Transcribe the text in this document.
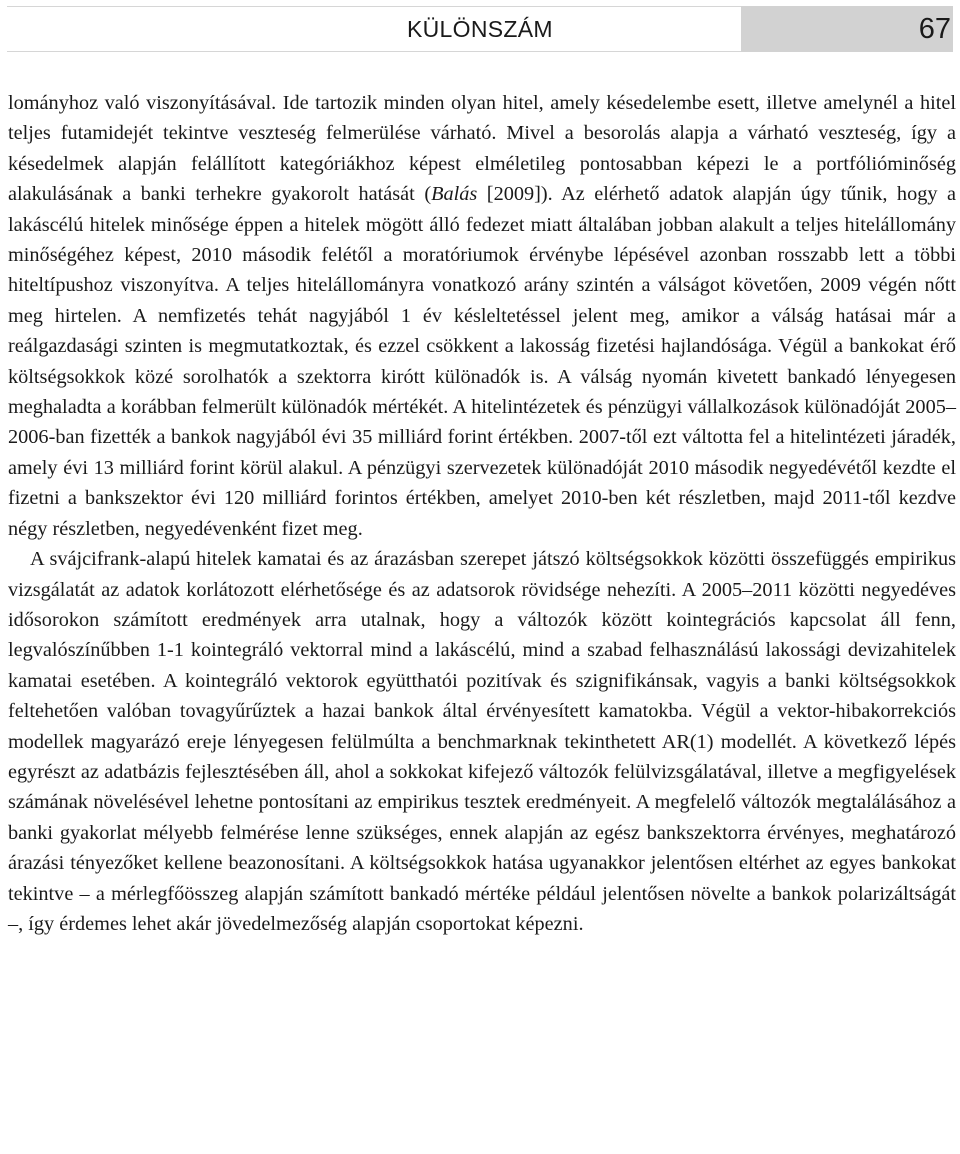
KÜLÖNSZÁM	67

lományhoz való viszonyításával. Ide tartozik minden olyan hitel, amely késedelembe esett, illetve amelynél a hitel teljes futamidejét tekintve veszteség felmerülése várható. Mivel a besorolás alapja a várható veszteség, így a késedelmek alapján felállított kategóriákhoz képest elméletileg pontosabban képezi le a portfólióminőség alakulásának a banki terhekre gyakorolt hatását (Balás [2009]). Az elérhető adatok alapján úgy tűnik, hogy a lakáscélú hitelek minősége éppen a hitelek mögött álló fedezet miatt általában jobban alakult a teljes hitelállomány minőségéhez képest, 2010 második felétől a moratóriumok érvénybe lépésével azonban rosszabb lett a többi hiteltípushoz viszonyítva. A teljes hitelállományra vonatkozó arány szintén a válságot követően, 2009 végén nőtt meg hirtelen. A nemfizetés tehát nagyjából 1 év késleltetéssel jelent meg, amikor a válság hatásai már a reálgazdasági szinten is megmutatkoztak, és ezzel csökkent a lakosság fizetési hajlandósága. Végül a bankokat érő költségsokkok közé sorolhatók a szektorra kirótt különadók is. A válság nyomán kivetett bankadó lényegesen meghaladta a korábban felmerült különadók mértékét. A hitelintézetek és pénzügyi vállalkozások különadóját 2005–2006-ban fizették a bankok nagyjából évi 35 milliárd forint értékben. 2007-től ezt váltotta fel a hitelintézeti járadék, amely évi 13 milliárd forint körül alakul. A pénzügyi szervezetek különadóját 2010 második negyedévétől kezdte el fizetni a bankszektor évi 120 milliárd forintos értékben, amelyet 2010-ben két részletben, majd 2011-től kezdve négy részletben, negyedévenként fizet meg.

A svájcifrank-alapú hitelek kamatai és az árazásban szerepet játszó költségsokkok közötti összefüggés empirikus vizsgálatát az adatok korlátozott elérhetősége és az adatsorok rövidsége nehezíti. A 2005–2011 közötti negyedéves idősorokon számított eredmények arra utalnak, hogy a változók között kointegrációs kapcsolat áll fenn, legvalószínűbben 1-1 kointegráló vektorral mind a lakáscélú, mind a szabad felhasználású lakossági devizahitelek kamatai esetében. A kointegráló vektorok együtthatói pozitívak és szignifikánsak, vagyis a banki költségsokkok feltehetően valóban tovagyűrűztek a hazai bankok által érvényesített kamatokba. Végül a vektor-hibakorrekciós modellek magyarázó ereje lényegesen felülmúlta a benchmarknak tekinthetett AR(1) modellét. A következő lépés egyrészt az adatbázis fejlesztésében áll, ahol a sokkokat kifejező változók felülvizsgálatával, illetve a megfigyelések számának növelésével lehetne pontosítani az empirikus tesztek eredményeit. A megfelelő változók megtalálásához a banki gyakorlat mélyebb felmérése lenne szükséges, ennek alapján az egész bankszektorra érvényes, meghatározó árazási tényezőket kellene beazonosítani. A költségsokkok hatása ugyanakkor jelentősen eltérhet az egyes bankokat tekintve – a mérlegfőösszeg alapján számított bankadó mértéke például jelentősen növelte a bankok polarizáltságát –, így érdemes lehet akár jövedelmezőség alapján csoportokat képezni.
